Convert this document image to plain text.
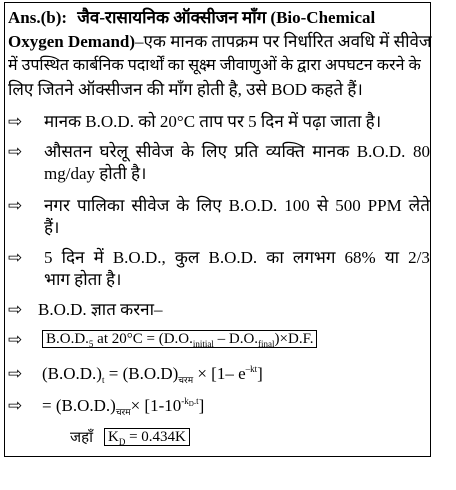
Ans.(b): जैव-रासायनिक ऑक्सीजन माँग (Bio-Chemical
Oxygen Demand)–एक मानक तापक्रम पर निर्धारित अवधि में सीवेज
में उपस्थित कार्बनिक पदार्थों का सूक्ष्म जीवाणुओं के द्वारा अपघटन करने के
लिए जितने ऑक्सीजन की माँग होती है, उसे BOD कहते हैं।
⇨ मानक B.O.D. को 20°C ताप पर 5 दिन में पढ़ा जाता है।
⇨ औसतन घरेलू सीवेज के लिए प्रति व्यक्ति मानक B.O.D. 80
mg/day होती है।
⇨ नगर पालिका सीवेज के लिए B.O.D. 100 से 500 PPM लेते
हैं।
⇨ 5 दिन में B.O.D., कुल B.O.D. का लगभग 68% या 2/3
भाग होता है।
⇨ B.O.D. ज्ञात करना–
⇨ $B.O.D._5$ at $20^\circ C = (D.O._{initial} - D.O._{final})\times D.F$.
⇨ $(B.O.D.)_t = (B.O.D)_{चरम} \times [1-$ $e^{-kt}$]
⇨ = $(B.O.D.)_{चरम}\times [1-10^{-k_D.t}]$
जहाँ $K_D = 0.434K$
